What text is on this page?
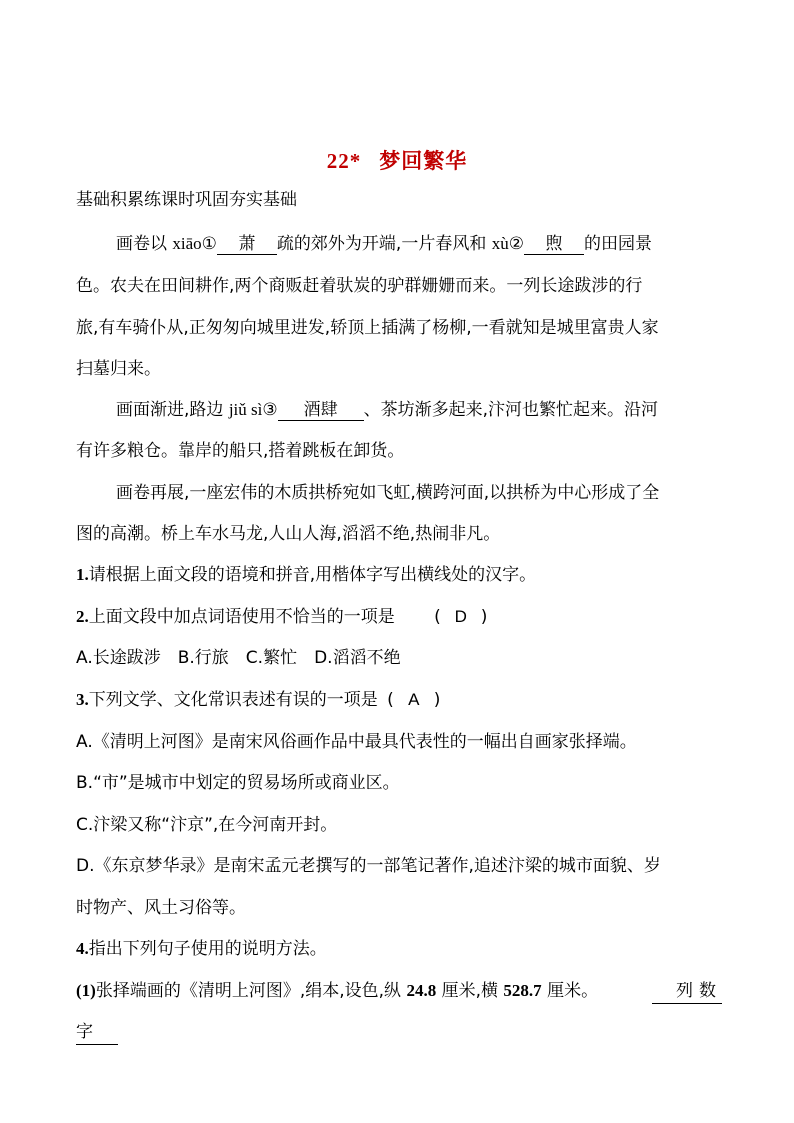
22* 梦回繁华
基础积累练课时巩固夯实基础
画卷以 xiāo① 萧 疏的郊外为开端,一片春风和 xù② 煦 的田园景
色。农夫在田间耕作,两个商贩赶着驮炭的驴群姗姗而来。一列长途跋涉的行
旅,有车骑仆从,正匆匆向城里进发,轿顶上插满了杨柳,一看就知是城里富贵人家
扫墓归来。
画面渐进,路边 jiǔ sì③ 酒肆 、茶坊渐多起来,汴河也繁忙起来。沿河
有许多粮仓。靠岸的船只,搭着跳板在卸货。
画卷再展,一座宏伟的木质拱桥宛如飞虹,横跨河面,以拱桥为中心形成了全
图的高潮。桥上车水马龙,人山人海,滔滔不绝,热闹非凡。
1.请根据上面文段的语境和拼音,用楷体字写出横线处的汉字。
2.上面文段中加点词语使用不恰当的一项是 ( D )
A.长途跋涉　B.行旅　C.繁忙　D.滔滔不绝
3.下列文学、文化常识表述有误的一项是 ( A )
A.《清明上河图》是南宋风俗画作品中最具代表性的一幅出自画家张择端。
B.“市”是城市中划定的贸易场所或商业区。
C.汴梁又称“汴京”,在今河南开封。
D.《东京梦华录》是南宋孟元老撰写的一部笔记著作,追述汴梁的城市面貌、岁
时物产、风土习俗等。
4.指出下列句子使用的说明方法。
(1)张择端画的《清明上河图》,绢本,设色,纵 24.8 厘米,横 528.7 厘米。	列数
字
